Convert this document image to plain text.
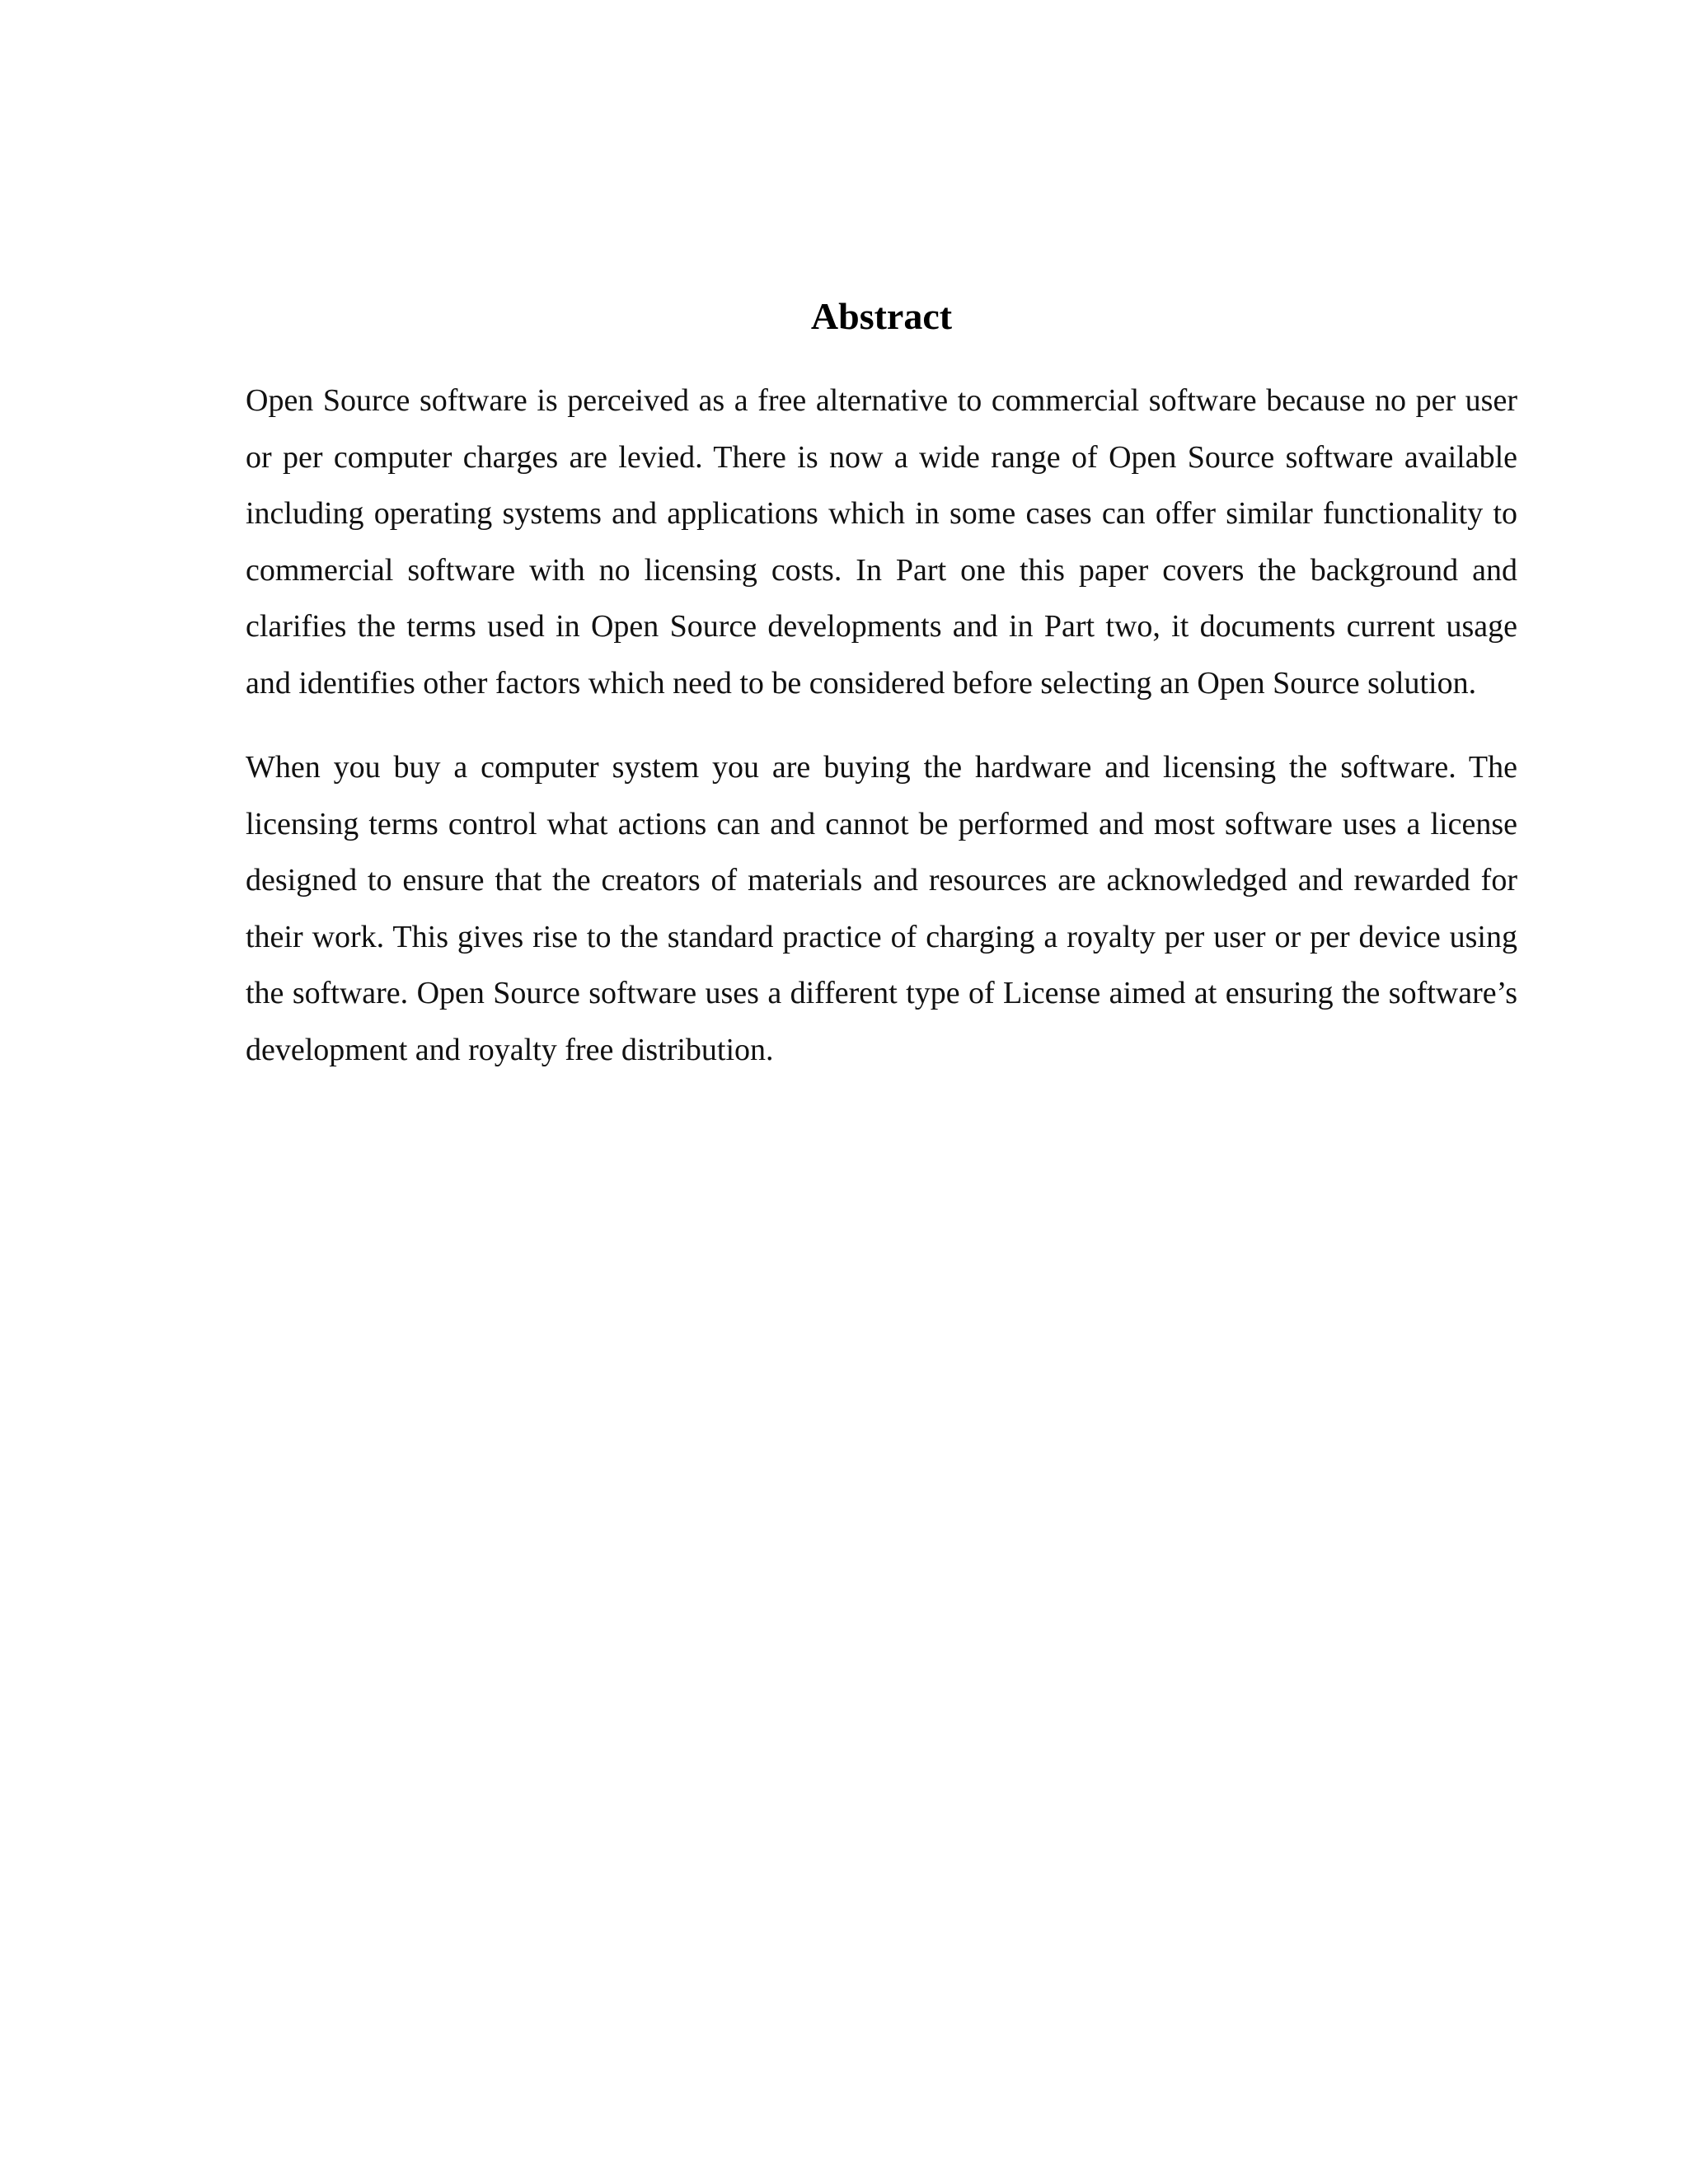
Abstract

Open Source software is perceived as a free alternative to commercial software because no per user or per computer charges are levied. There is now a wide range of Open Source software available including operating systems and applications which in some cases can offer similar functionality to commercial software with no licensing costs. In Part one this paper covers the background and clarifies the terms used in Open Source developments and in Part two, it documents current usage and identifies other factors which need to be considered before selecting an Open Source solution.

When you buy a computer system you are buying the hardware and licensing the software. The licensing terms control what actions can and cannot be performed and most software uses a license designed to ensure that the creators of materials and resources are acknowledged and rewarded for their work. This gives rise to the standard practice of charging a royalty per user or per device using the software. Open Source software uses a different type of License aimed at ensuring the software’s development and royalty free distribution.
